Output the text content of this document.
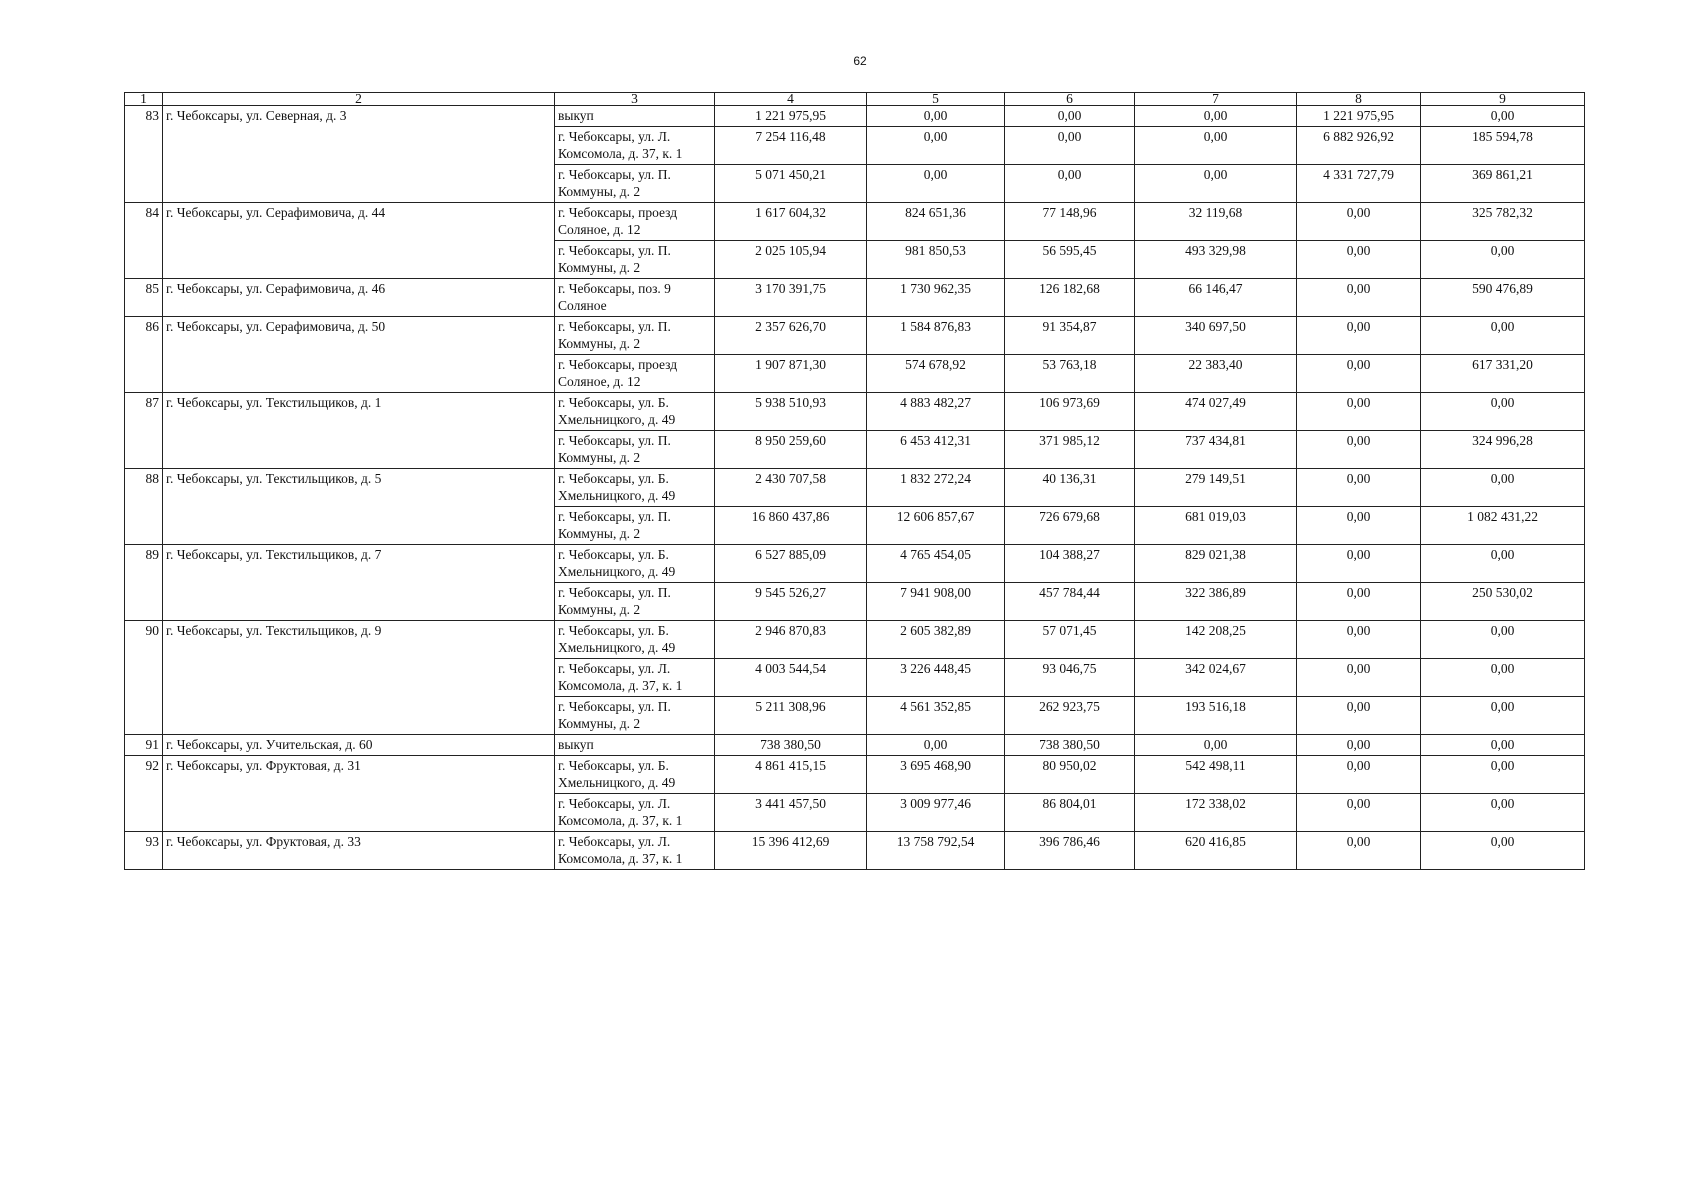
62
1	2	3	4	5	6	7	8	9
83	г. Чебоксары, ул. Северная, д. 3	выкуп	1 221 975,95	0,00	0,00	0,00	1 221 975,95	0,00
		г. Чебоксары, ул. Л. Комсомола, д. 37, к. 1	7 254 116,48	0,00	0,00	0,00	6 882 926,92	185 594,78
		г. Чебоксары, ул. П. Коммуны, д. 2	5 071 450,21	0,00	0,00	0,00	4 331 727,79	369 861,21
84	г. Чебоксары, ул. Серафимовича, д. 44	г. Чебоксары, проезд Соляное, д. 12	1 617 604,32	824 651,36	77 148,96	32 119,68	0,00	325 782,32
		г. Чебоксары, ул. П. Коммуны, д. 2	2 025 105,94	981 850,53	56 595,45	493 329,98	0,00	0,00
85	г. Чебоксары, ул. Серафимовича, д. 46	г. Чебоксары, поз. 9 Соляное	3 170 391,75	1 730 962,35	126 182,68	66 146,47	0,00	590 476,89
86	г. Чебоксары, ул. Серафимовича, д. 50	г. Чебоксары, ул. П. Коммуны, д. 2	2 357 626,70	1 584 876,83	91 354,87	340 697,50	0,00	0,00
		г. Чебоксары, проезд Соляное, д. 12	1 907 871,30	574 678,92	53 763,18	22 383,40	0,00	617 331,20
87	г. Чебоксары, ул. Текстильщиков, д. 1	г. Чебоксары, ул. Б. Хмельницкого, д. 49	5 938 510,93	4 883 482,27	106 973,69	474 027,49	0,00	0,00
		г. Чебоксары, ул. П. Коммуны, д. 2	8 950 259,60	6 453 412,31	371 985,12	737 434,81	0,00	324 996,28
88	г. Чебоксары, ул. Текстильщиков, д. 5	г. Чебоксары, ул. Б. Хмельницкого, д. 49	2 430 707,58	1 832 272,24	40 136,31	279 149,51	0,00	0,00
		г. Чебоксары, ул. П. Коммуны, д. 2	16 860 437,86	12 606 857,67	726 679,68	681 019,03	0,00	1 082 431,22
89	г. Чебоксары, ул. Текстильщиков, д. 7	г. Чебоксары, ул. Б. Хмельницкого, д. 49	6 527 885,09	4 765 454,05	104 388,27	829 021,38	0,00	0,00
		г. Чебоксары, ул. П. Коммуны, д. 2	9 545 526,27	7 941 908,00	457 784,44	322 386,89	0,00	250 530,02
90	г. Чебоксары, ул. Текстильщиков, д. 9	г. Чебоксары, ул. Б. Хмельницкого, д. 49	2 946 870,83	2 605 382,89	57 071,45	142 208,25	0,00	0,00
		г. Чебоксары, ул. Л. Комсомола, д. 37, к. 1	4 003 544,54	3 226 448,45	93 046,75	342 024,67	0,00	0,00
		г. Чебоксары, ул. П. Коммуны, д. 2	5 211 308,96	4 561 352,85	262 923,75	193 516,18	0,00	0,00
91	г. Чебоксары, ул. Учительская, д. 60	выкуп	738 380,50	0,00	738 380,50	0,00	0,00	0,00
92	г. Чебоксары, ул. Фруктовая, д. 31	г. Чебоксары, ул. Б. Хмельницкого, д. 49	4 861 415,15	3 695 468,90	80 950,02	542 498,11	0,00	0,00
		г. Чебоксары, ул. Л. Комсомола, д. 37, к. 1	3 441 457,50	3 009 977,46	86 804,01	172 338,02	0,00	0,00
93	г. Чебоксары, ул. Фруктовая, д. 33	г. Чебоксары, ул. Л. Комсомола, д. 37, к. 1	15 396 412,69	13 758 792,54	396 786,46	620 416,85	0,00	0,00
